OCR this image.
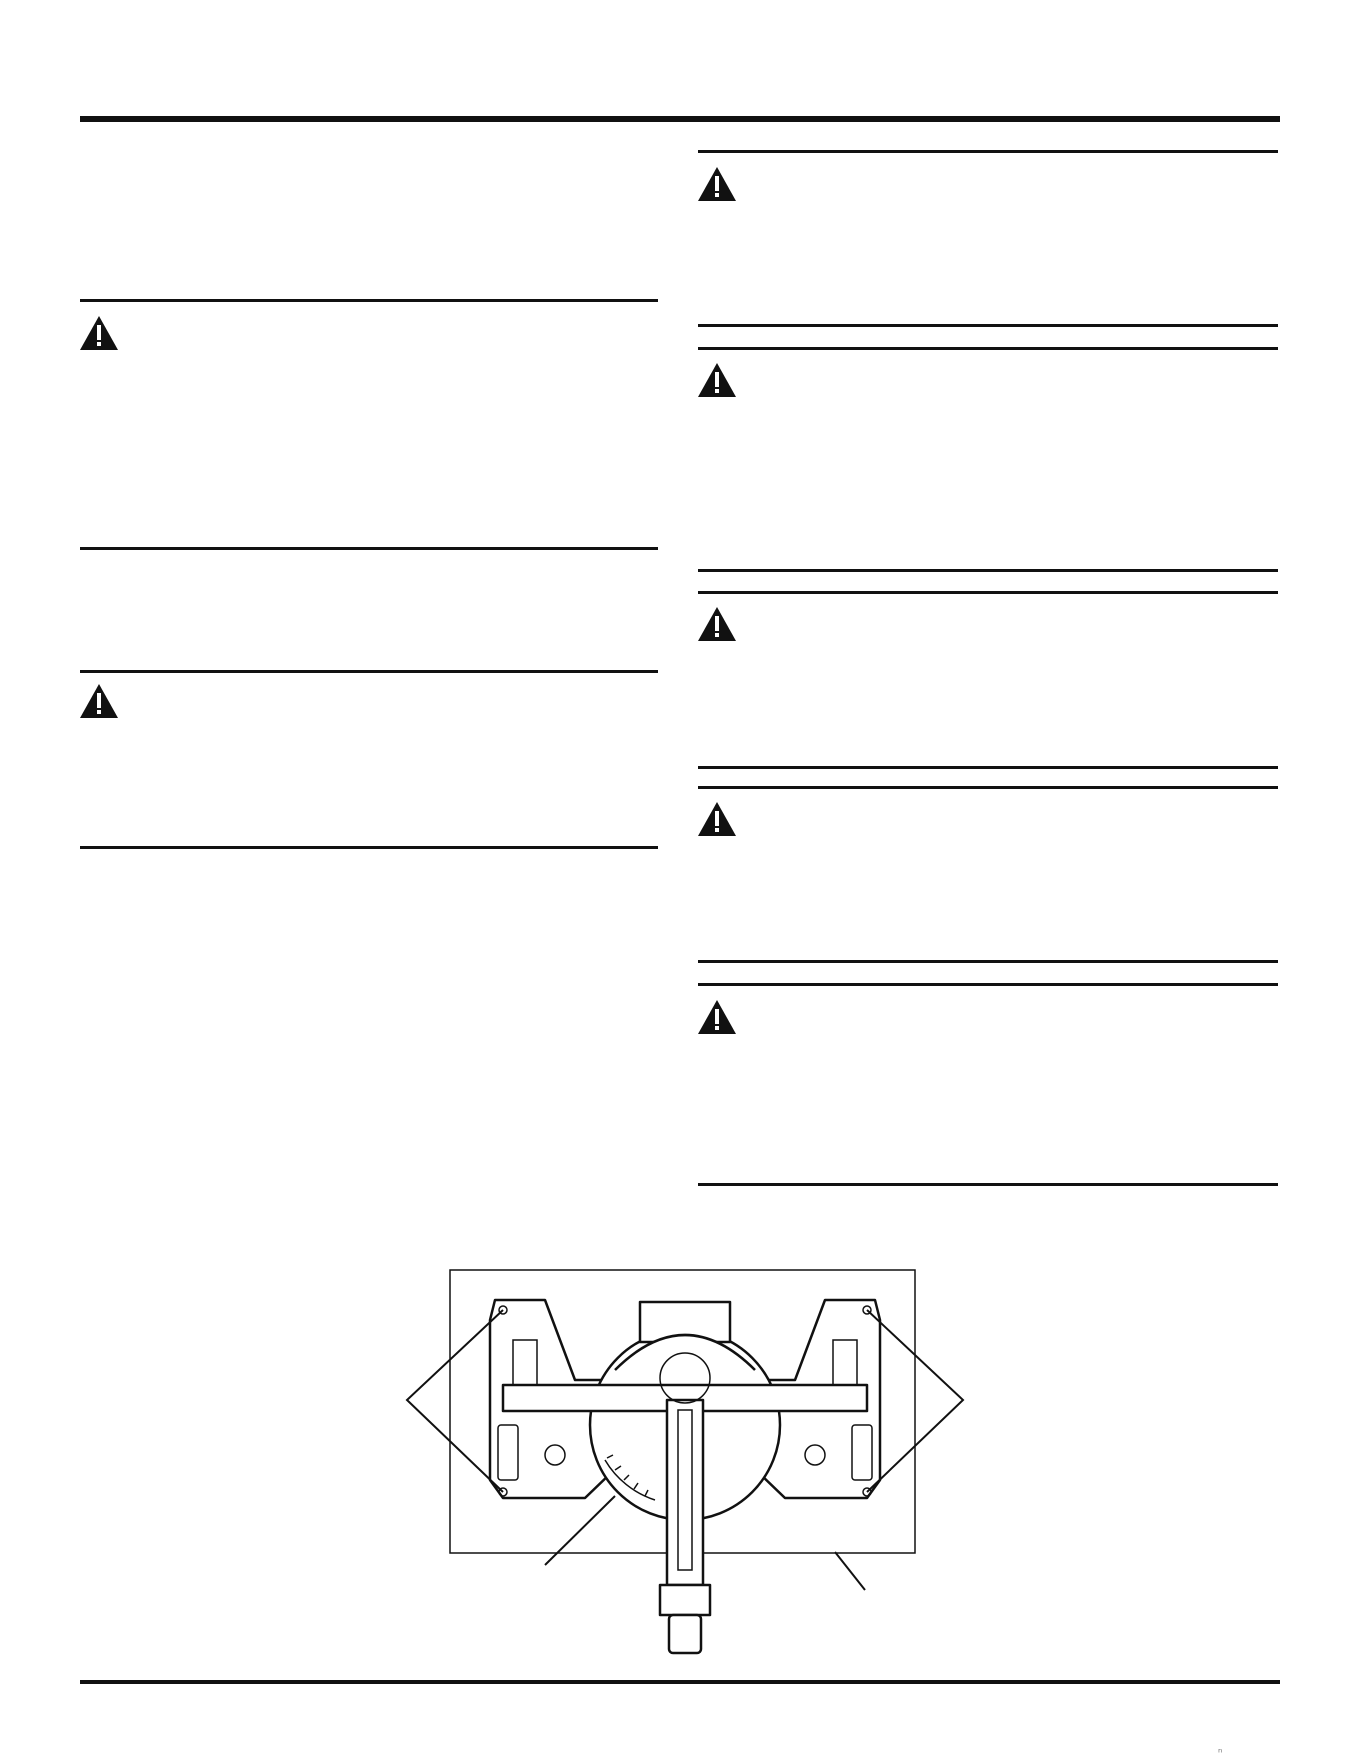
ⁿ
